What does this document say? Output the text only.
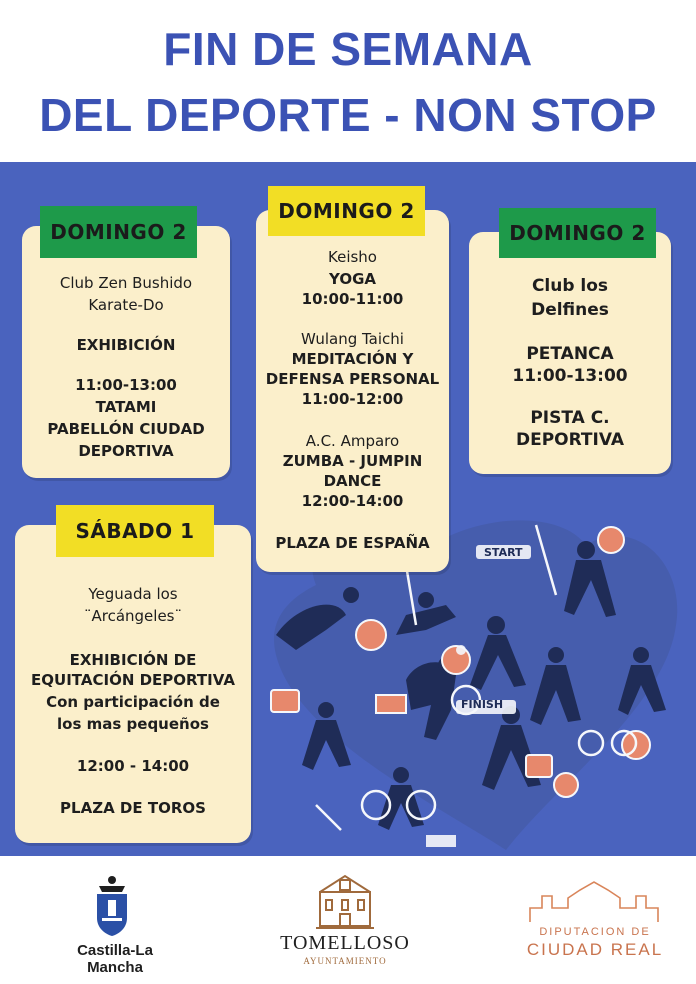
FIN DE SEMANA
DEL DEPORTE - NON STOP
FINISH
START
Club Zen Bushido
Karate-Do
EXHIBICIÓN
11:00-13:00
TATAMI
PABELLÓN CIUDAD
DEPORTIVA
DOMINGO 2
Keisho
YOGA
10:00-11:00
Wulang Taichi
MEDITACIÓN Y
DEFENSA PERSONAL
11:00-12:00
A.C. Amparo
ZUMBA - JUMPIN
DANCE
12:00-14:00
PLAZA DE ESPAÑA
DOMINGO 2
Club los
Delfines
PETANCA
11:00-13:00
PISTA C.
DEPORTIVA
DOMINGO 2
Yeguada los
¨Arcángeles¨
EXHIBICIÓN DE
EQUITACIÓN DEPORTIVA
Con participación de
los mas pequeños
12:00 - 14:00
PLAZA DE TOROS
SÁBADO 1
Castilla-La Mancha
TOMELLOSO
AYUNTAMIENTO
DIPUTACION DE
CIUDAD REAL
